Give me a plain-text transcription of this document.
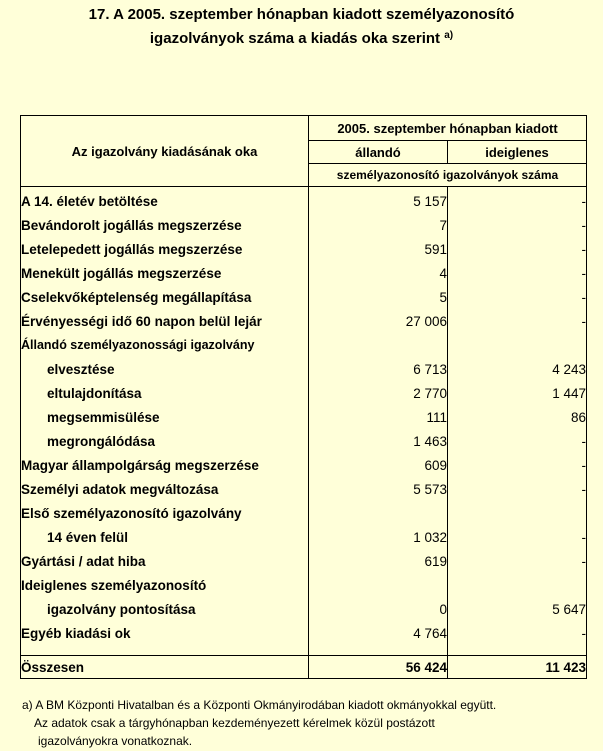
17. A 2005. szeptember hónapban kiadott személyazonosító
igazolványok száma a kiadás oka szerint $^{a)}$
Az igazolvány kiadásának oka	2005. szeptember hónapban kiadott	
	állandó	ideiglenes
	személyazonosító igazolványok száma	
A 14. életév betöltése	5 157	-
Bevándorolt jogállás megszerzése	7	-
Letelepedett jogállás megszerzése	591	-
Menekült jogállás megszerzése	4	-
Cselekvőképtelenség megállapítása	5	-
Érvényességi idő 60 napon belül lejár	27 006	-
Állandó személyazonossági igazolvány		
elvesztése	6 713	4 243
eltulajdonítása	2 770	1 447
megsemmisülése	111	86
megrongálódása	1 463	-
Magyar állampolgárság megszerzése	609	-
Személyi adatok megváltozása	5 573	-
Első személyazonosító igazolvány		
14 éven felül	1 032	-
Gyártási / adat hiba	619	-
Ideiglenes személyazonosító		
igazolvány pontosítása	0	5 647
Egyéb kiadási ok	4 764	-

Összesen	56 424	11 423
a) A BM Központi Hivatalban és a Központi Okmányirodában kiadott okmányokkal együtt.
Az adatok csak a tárgyhónapban kezdeményezett kérelmek közül postázott
igazolványokra vonatkoznak.
